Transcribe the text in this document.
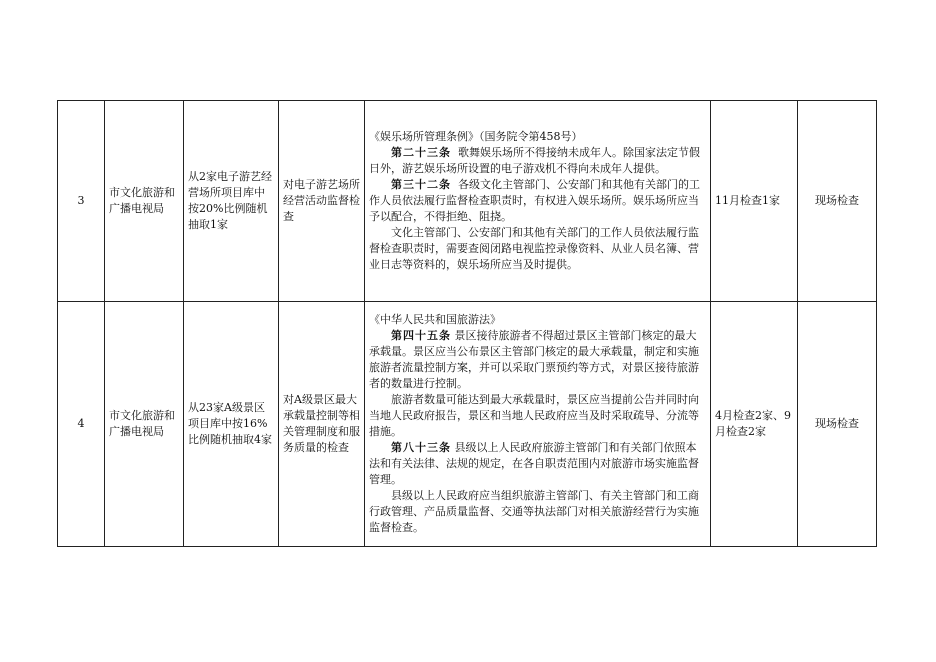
3	市文化旅游和广播电视局	从2家电子游艺经营场所项目库中按20%比例随机抽取1家	对电子游艺场所经营活动监督检查	《娱乐场所管理条例》（国务院令第458号）
第二十三条 歌舞娱乐场所不得接纳未成年人。除国家法定节假日外，游艺娱乐场所设置的电子游戏机不得向未成年人提供。
第三十二条 各级文化主管部门、公安部门和其他有关部门的工作人员依法履行监督检查职责时，有权进入娱乐场所。娱乐场所应当予以配合，不得拒绝、阻挠。
文化主管部门、公安部门和其他有关部门的工作人员依法履行监督检查职责时，需要查阅闭路电视监控录像资料、从业人员名簿、营业日志等资料的，娱乐场所应当及时提供。	11月检查1家	现场检查
4	市文化旅游和广播电视局	从23家A级景区项目库中按16%比例随机抽取4家	对A级景区最大承载量控制等相关管理制度和服务质量的检查	《中华人民共和国旅游法》
第四十五条 景区接待旅游者不得超过景区主管部门核定的最大承载量。景区应当公布景区主管部门核定的最大承载量，制定和实施旅游者流量控制方案，并可以采取门票预约等方式，对景区接待旅游者的数量进行控制。
旅游者数量可能达到最大承载量时，景区应当提前公告并同时向当地人民政府报告，景区和当地人民政府应当及时采取疏导、分流等措施。
第八十三条 县级以上人民政府旅游主管部门和有关部门依照本法和有关法律、法规的规定，在各自职责范围内对旅游市场实施监督管理。
县级以上人民政府应当组织旅游主管部门、有关主管部门和工商行政管理、产品质量监督、交通等执法部门对相关旅游经营行为实施监督检查。	4月检查2家、9月检查2家	现场检查
